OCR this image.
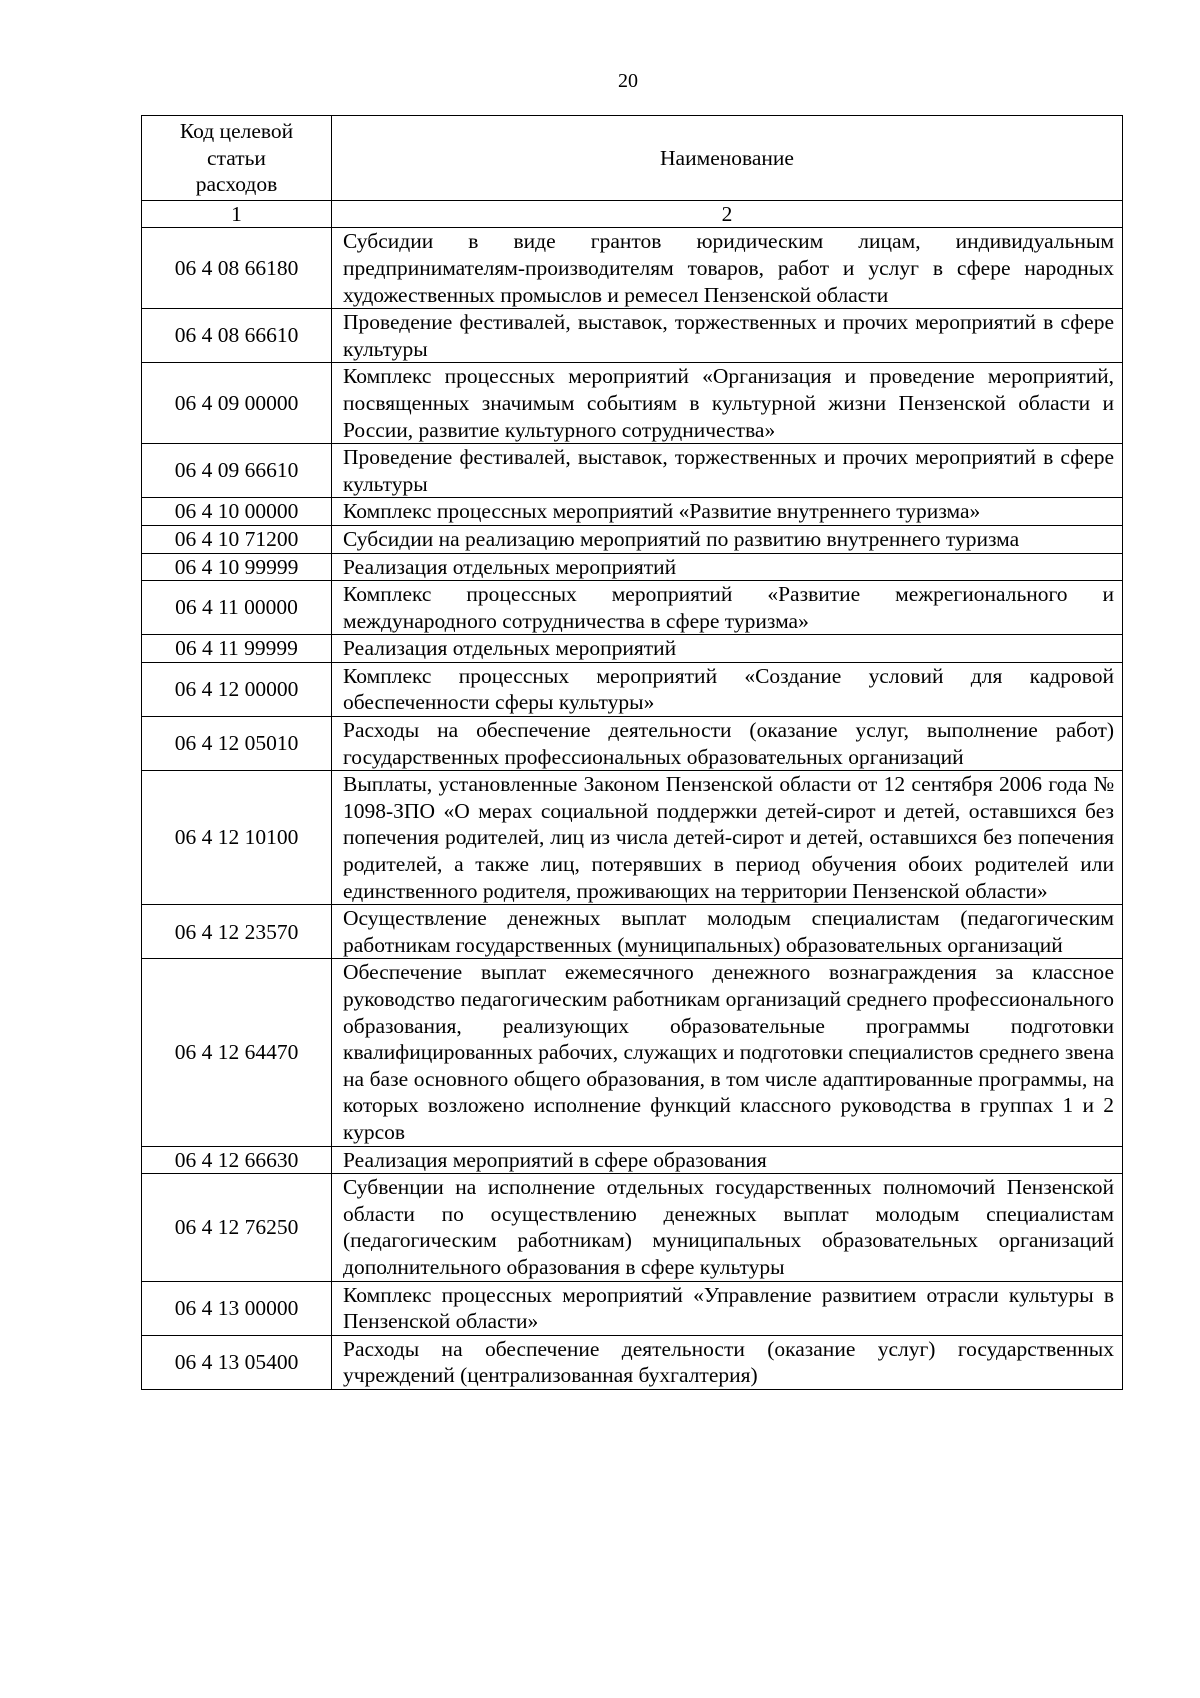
20
Код целевой
статьи
расходов	Наименование
1	2
06 4 08 66180	Субсидии в виде грантов юридическим лицам, индивидуальным предпринимателям-производителям товаров, работ и услуг в сфере народных художественных промыслов и ремесел Пензенской области
06 4 08 66610	Проведение фестивалей, выставок, торжественных и прочих мероприятий в сфере культуры
06 4 09 00000	Комплекс процессных мероприятий «Организация и проведение мероприятий, посвященных значимым событиям в культурной жизни Пензенской области и России, развитие культурного сотрудничества»
06 4 09 66610	Проведение фестивалей, выставок, торжественных и прочих мероприятий в сфере культуры
06 4 10 00000	Комплекс процессных мероприятий «Развитие внутреннего туризма»
06 4 10 71200	Субсидии на реализацию мероприятий по развитию внутреннего туризма
06 4 10 99999	Реализация отдельных мероприятий
06 4 11 00000	Комплекс процессных мероприятий «Развитие межрегионального и международного сотрудничества в сфере туризма»
06 4 11 99999	Реализация отдельных мероприятий
06 4 12 00000	Комплекс процессных мероприятий «Создание условий для кадровой обеспеченности сферы культуры»
06 4 12 05010	Расходы на обеспечение деятельности (оказание услуг, выполнение работ) государственных профессиональных образовательных организаций
06 4 12 10100	Выплаты, установленные Законом Пензенской области от 12 сентября 2006 года № 1098-ЗПО «О мерах социальной поддержки детей-сирот и детей, оставшихся без попечения родителей, лиц из числа детей-сирот и детей, оставшихся без попечения родителей, а также лиц, потерявших в период обучения обоих родителей или единственного родителя, проживающих на территории Пензенской области»
06 4 12 23570	Осуществление денежных выплат молодым специалистам (педагогическим работникам государственных (муниципальных) образовательных организаций
06 4 12 64470	Обеспечение выплат ежемесячного денежного вознаграждения за классное руководство педагогическим работникам организаций среднего профессионального образования, реализующих образовательные программы подготовки квалифицированных рабочих, служащих и подготовки специалистов среднего звена на базе основного общего образования, в том числе адаптированные программы, на которых возложено исполнение функций классного руководства в группах 1 и 2 курсов
06 4 12 66630	Реализация мероприятий в сфере образования
06 4 12 76250	Субвенции на исполнение отдельных государственных полномочий Пензенской области по осуществлению денежных выплат молодым специалистам (педагогическим работникам) муниципальных образовательных организаций дополнительного образования в сфере культуры
06 4 13 00000	Комплекс процессных мероприятий «Управление развитием отрасли культуры в Пензенской области»
06 4 13 05400	Расходы на обеспечение деятельности (оказание услуг) государственных учреждений (централизованная бухгалтерия)
